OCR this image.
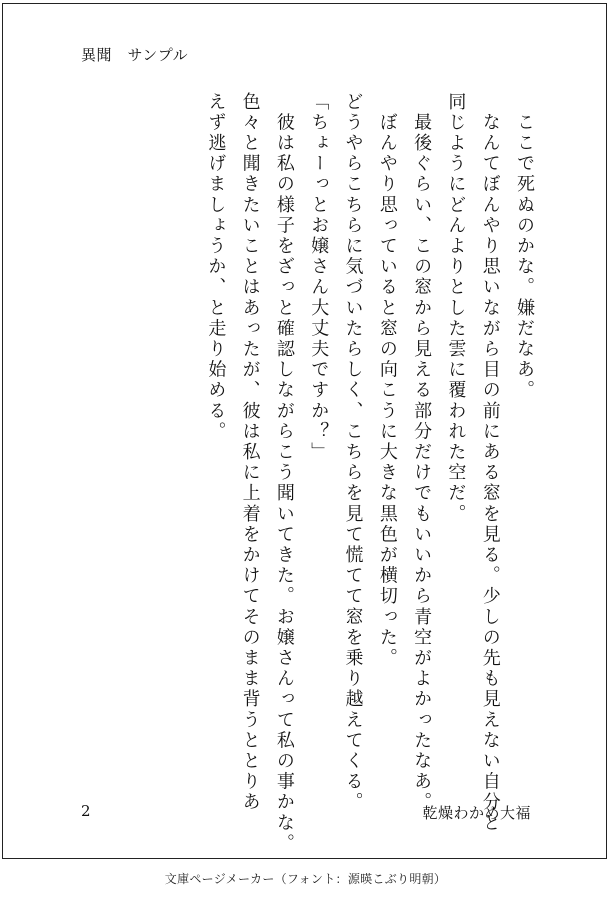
異聞　サンプル

　ここで死ぬのかな。嫌だなあ。

　なんてぼんやり思いながら目の前にある窓を見る。少しの先も見えない自分と

同じようにどんよりとした雲に覆われた空だ。

　最後ぐらい、この窓から見える部分だけでもいいから青空がよかったなあ。

　ぼんやり思っていると窓の向こうに大きな黒色が横切った。

どうやらこちらに気づいたらしく、こちらを見て慌てて窓を乗り越えてくる。

「ちょーっとお嬢さん大丈夫ですか？」

　彼は私の様子をざっと確認しながらこう聞いてきた。お嬢さんって私の事かな。

色々と聞きたいことはあったが、彼は私に上着をかけてそのまま背うととりあ

えず逃げましょうか、と走り始める。

2	乾燥わかめ大福
文庫ページメーカー（フォント：源暎こぶり明朝）
